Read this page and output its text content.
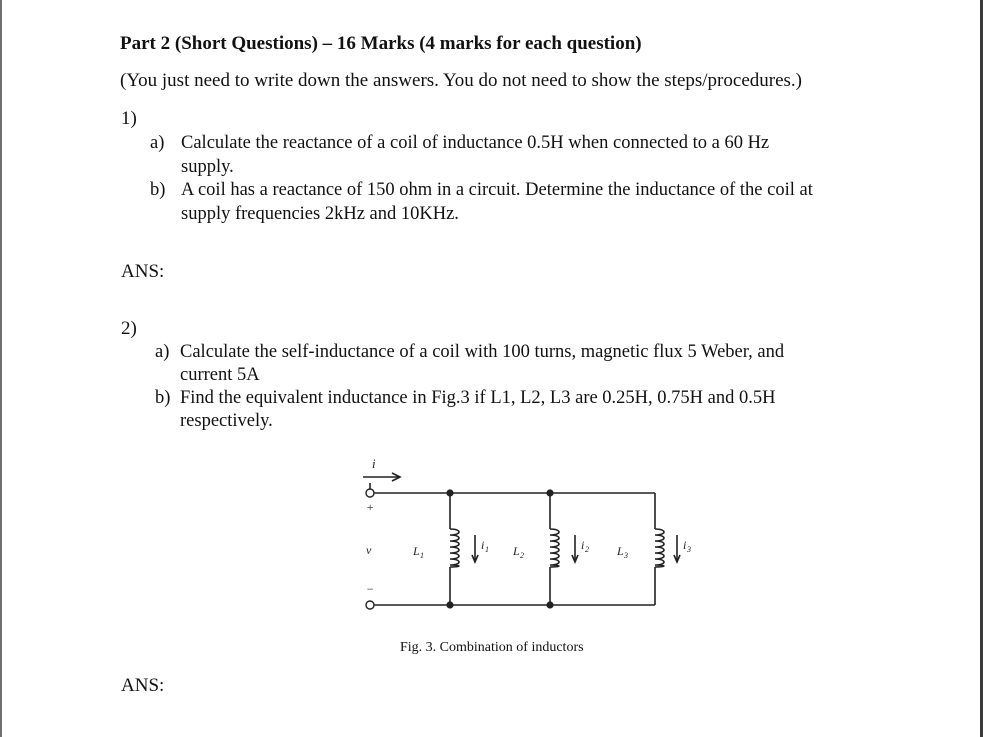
Part 2 (Short Questions) – 16 Marks (4 marks for each question)
(You just need to write down the answers. You do not need to show the steps/procedures.)
1)
a) Calculate the reactance of a coil of inductance 0.5H when connected to a 60 Hz
supply.
b) A coil has a reactance of 150 ohm in a circuit. Determine the inductance of the coil at
supply frequencies 2kHz and 10KHz.
ANS:
2)
a) Calculate the self-inductance of a coil with 100 turns, magnetic flux 5 Weber, and
current 5A
b) Find the equivalent inductance in Fig.3 if L1, L2, L3 are 0.25H, 0.75H and 0.5H
respectively.
i
+
−
v	L 1	L 2	L 3
i 1	i 2	i 3
Fig. 3. Combination of inductors
ANS:
